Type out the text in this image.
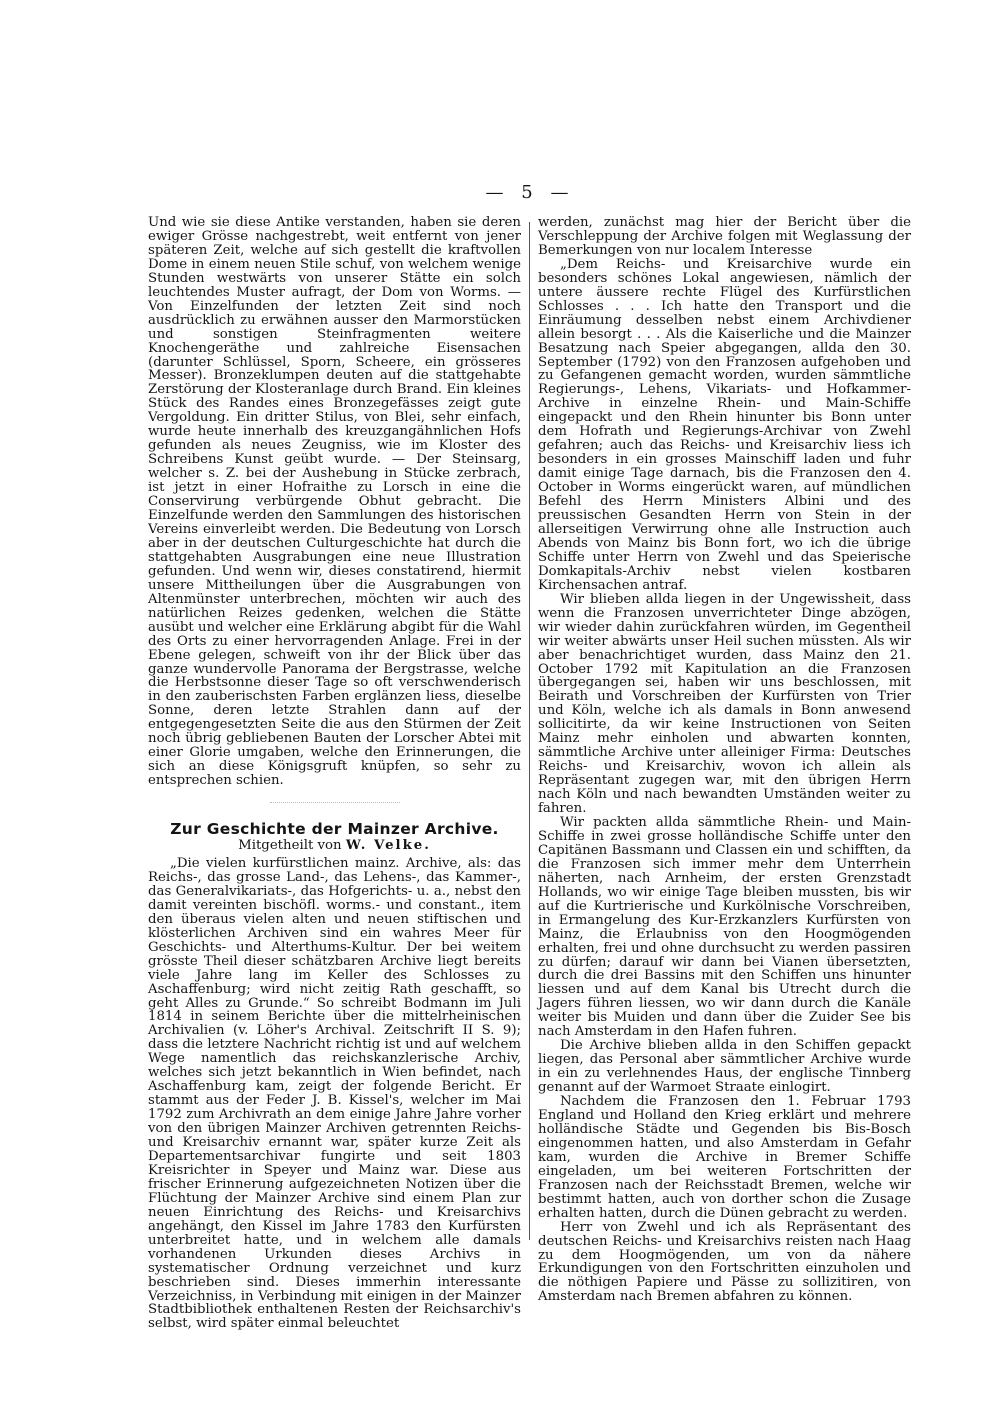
— 5 —

Und wie sie diese Antike verstanden, haben sie deren ewiger Grösse nachgestrebt, weit entfernt von jener späteren Zeit, welche auf sich gestellt die kraftvollen Dome in einem neuen Stile schuf, von welchem wenige Stunden westwärts von unserer Stätte ein solch leuchtendes Muster aufragt, der Dom von Worms. — Von Einzelfunden der letzten Zeit sind noch ausdrücklich zu erwähnen ausser den Marmorstücken und sonstigen Steinfragmenten weitere Knochengeräthe und zahlreiche Eisensachen (darunter Schlüssel, Sporn, Scheere, ein grösseres Messer). Bronzeklumpen deuten auf die stattgehabte Zerstörung der Klosteranlage durch Brand. Ein kleines Stück des Randes eines Bronzegefässes zeigt gute Vergoldung. Ein dritter Stilus, von Blei, sehr einfach, wurde heute innerhalb des kreuzgangähnlichen Hofs gefunden als neues Zeugniss, wie im Kloster des Schreibens Kunst geübt wurde. — Der Steinsarg, welcher s. Z. bei der Aushebung in Stücke zerbrach, ist jetzt in einer Hofraithe zu Lorsch in eine die Conservirung verbürgende Obhut gebracht. Die Einzelfunde werden den Sammlungen des historischen Vereins einverleibt werden. Die Bedeutung von Lorsch aber in der deutschen Culturgeschichte hat durch die stattgehabten Ausgrabungen eine neue Illustration gefunden. Und wenn wir, dieses constatirend, hiermit unsere Mittheilungen über die Ausgrabungen von Altenmünster unterbrechen, möchten wir auch des natürlichen Reizes gedenken, welchen die Stätte ausübt und welcher eine Erklärung abgibt für die Wahl des Orts zu einer hervorragenden Anlage. Frei in der Ebene gelegen, schweift von ihr der Blick über das ganze wundervolle Panorama der Bergstrasse, welche die Herbstsonne dieser Tage so oft verschwenderisch in den zauberischsten Farben erglänzen liess, dieselbe Sonne, deren letzte Strahlen dann auf der entgegengesetzten Seite die aus den Stürmen der Zeit noch übrig gebliebenen Bauten der Lorscher Abtei mit einer Glorie umgaben, welche den Erinnerungen, die sich an diese Königsgruft knüpfen, so sehr zu entsprechen schien.

Zur Geschichte der Mainzer Archive.
Mitgetheilt von W. Velke.

„Die vielen kurfürstlichen mainz. Archive, als: das Reichs-, das grosse Land-, das Lehens-, das Kammer-, das Generalvikariats-, das Hofgerichts- u. a., nebst den damit vereinten bischöfl. worms.- und constant., item den überaus vielen alten und neuen stiftischen und klösterlichen Archiven sind ein wahres Meer für Geschichts- und Alterthums-Kultur. Der bei weitem grösste Theil dieser schätzbaren Archive liegt bereits viele Jahre lang im Keller des Schlosses zu Aschaffenburg; wird nicht zeitig Rath geschafft, so geht Alles zu Grunde.“ So schreibt Bodmann im Juli 1814 in seinem Berichte über die mittelrheinischen Archivalien (v. Löher's Archival. Zeitschrift II S. 9); dass die letztere Nachricht richtig ist und auf welchem Wege namentlich das reichskanzlerische Archiv, welches sich jetzt bekanntlich in Wien befindet, nach Aschaffenburg kam, zeigt der folgende Bericht. Er stammt aus der Feder J. B. Kissel's, welcher im Mai 1792 zum Archivrath an dem einige Jahre Jahre vorher von den übrigen Mainzer Archiven getrennten Reichs- und Kreisarchiv ernannt war, später kurze Zeit als Departementsarchivar fungirte und seit 1803 Kreisrichter in Speyer und Mainz war. Diese aus frischer Erinnerung aufgezeichneten Notizen über die Flüchtung der Mainzer Archive sind einem Plan zur neuen Einrichtung des Reichs- und Kreisarchivs angehängt, den Kissel im Jahre 1783 den Kurfürsten unterbreitet hatte, und in welchem alle damals vorhandenen Urkunden dieses Archivs in systematischer Ordnung verzeichnet und kurz beschrieben sind. Dieses immerhin interessante Verzeichniss, in Verbindung mit einigen in der Mainzer Stadtbibliothek enthaltenen Resten der Reichsarchiv's selbst, wird später einmal beleuchtet

werden, zunächst mag hier der Bericht über die Verschleppung der Archive folgen mit Weglassung der Bemerkungen von nur localem Interesse

„Dem Reichs- und Kreisarchive wurde ein besonders schönes Lokal angewiesen, nämlich der untere äussere rechte Flügel des Kurfürstlichen Schlosses . . . Ich hatte den Transport und die Einräumung desselben nebst einem Archivdiener allein besorgt . . . Als die Kaiserliche und die Mainzer Besatzung nach Speier abgegangen, allda den 30. September (1792) von den Franzosen aufgehoben und zu Gefangenen gemacht worden, wurden sämmtliche Regierungs-, Lehens, Vikariats- und Hofkammer-Archive in einzelne Rhein- und Main-Schiffe eingepackt und den Rhein hinunter bis Bonn unter dem Hofrath und Regierungs-Archivar von Zwehl gefahren; auch das Reichs- und Kreisarchiv liess ich besonders in ein grosses Mainschiff laden und fuhr damit einige Tage darnach, bis die Franzosen den 4. October in Worms eingerückt waren, auf mündlichen Befehl des Herrn Ministers Albini und des preussischen Gesandten Herrn von Stein in der allerseitigen Verwirrung ohne alle Instruction auch Abends von Mainz bis Bonn fort, wo ich die übrige Schiffe unter Herrn von Zwehl und das Speierische Domkapitals-Archiv nebst vielen kostbaren Kirchensachen antraf.

Wir blieben allda liegen in der Ungewissheit, dass wenn die Franzosen unverrichteter Dinge abzögen, wir wieder dahin zurückfahren würden, im Gegentheil wir weiter abwärts unser Heil suchen müssten. Als wir aber benachrichtiget wurden, dass Mainz den 21. October 1792 mit Kapitulation an die Franzosen übergegangen sei, haben wir uns beschlossen, mit Beirath und Vorschreiben der Kurfürsten von Trier und Köln, welche ich als damals in Bonn anwesend sollicitirte, da wir keine Instructionen von Seiten Mainz mehr einholen und abwarten konnten, sämmtliche Archive unter alleiniger Firma: Deutsches Reichs- und Kreisarchiv, wovon ich allein als Repräsentant zugegen war, mit den übrigen Herrn nach Köln und nach bewandten Umständen weiter zu fahren.

Wir packten allda sämmtliche Rhein- und Main-Schiffe in zwei grosse holländische Schiffe unter den Capitänen Bassmann und Classen ein und schifften, da die Franzosen sich immer mehr dem Unterrhein näherten, nach Arnheim, der ersten Grenzstadt Hollands, wo wir einige Tage bleiben mussten, bis wir auf die Kurtrierische und Kurkölnische Vorschreiben, in Ermangelung des Kur-Erzkanzlers Kurfürsten von Mainz, die Erlaubniss von den Hoogmögenden erhalten, frei und ohne durchsucht zu werden passiren zu dürfen; darauf wir dann bei Vianen übersetzten, durch die drei Bassins mit den Schiffen uns hinunter liessen und auf dem Kanal bis Utrecht durch die Jagers führen liessen, wo wir dann durch die Kanäle weiter bis Muiden und dann über die Zuider See bis nach Amsterdam in den Hafen fuhren.

Die Archive blieben allda in den Schiffen gepackt liegen, das Personal aber sämmtlicher Archive wurde in ein zu verlehnendes Haus, der englische Tinnberg genannt auf der Warmoet Straate einlogirt.

Nachdem die Franzosen den 1. Februar 1793 England und Holland den Krieg erklärt und mehrere holländische Städte und Gegenden bis Bis-Bosch eingenommen hatten, und also Amsterdam in Gefahr kam, wurden die Archive in Bremer Schiffe eingeladen, um bei weiteren Fortschritten der Franzosen nach der Reichsstadt Bremen, welche wir bestimmt hatten, auch von dorther schon die Zusage erhalten hatten, durch die Dünen gebracht zu werden.

Herr von Zwehl und ich als Repräsentant des deutschen Reichs- und Kreisarchivs reisten nach Haag zu dem Hoogmögenden, um von da nähere Erkundigungen von den Fortschritten einzuholen und die nöthigen Papiere und Pässe zu sollizitiren, von Amsterdam nach Bremen abfahren zu können.
